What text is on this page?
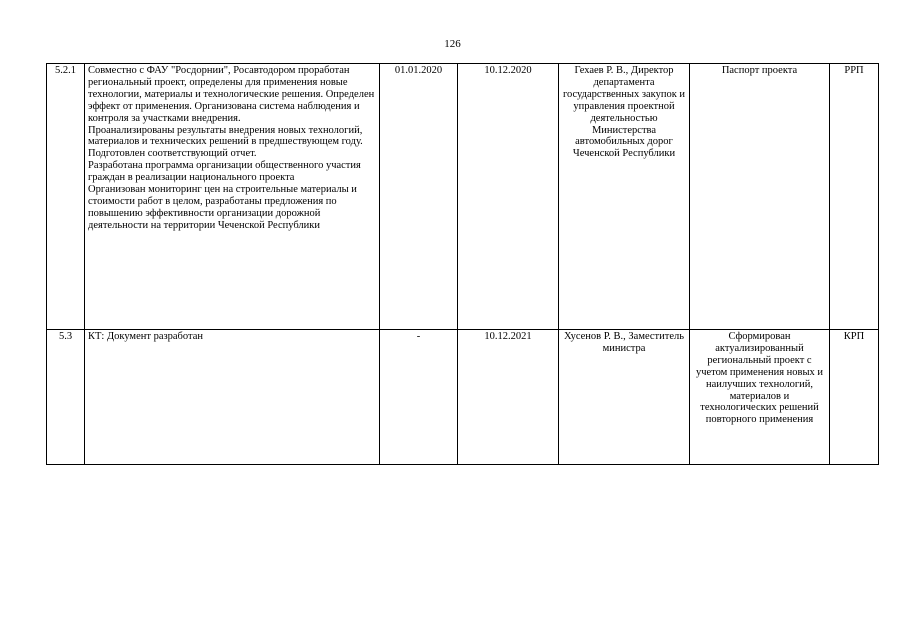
126
5.2.1	Совместно с ФАУ "Росдорнии", Росавтодором проработан региональный проект, определены для применения новые технологии, материалы и технологические решения. Определен эффект от применения. Организована система наблюдения и контроля за участками внедрения.
Проанализированы результаты внедрения новых технологий, материалов и технических решений в предшествующем году. Подготовлен соответствующий отчет.
Разработана программа организации общественного участия граждан в реализации национального проекта
Организован мониторинг цен на строительные материалы и стоимости работ в целом, разработаны предложения по повышению эффективности организации дорожной деятельности на территории Чеченской Республики	01.01.2020	10.12.2020	Гехаев Р. В., Директор департамента государственных закупок и управления проектной деятельностью Министерства автомобильных дорог Чеченской Республики	Паспорт проекта	РРП
5.3	КТ: Документ разработан	-	10.12.2021	Хусенов Р. В., Заместитель министра	Сформирован актуализированный региональный проект с учетом применения новых и наилучших технологий, материалов и технологических решений повторного применения	КРП
